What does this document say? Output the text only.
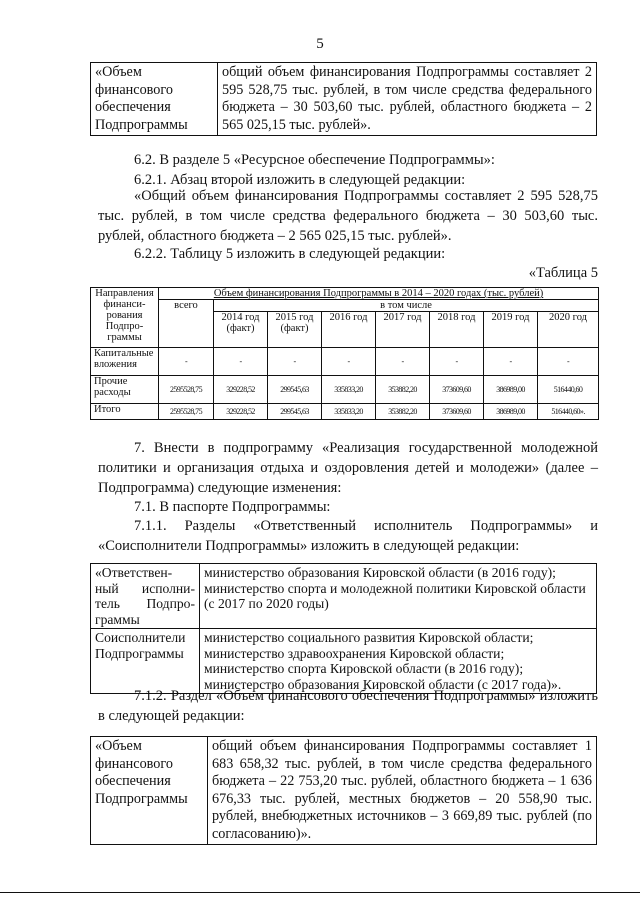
5
«Объем финансового обеспечения Подпрограммы	общий объем финансирования Подпрограммы составляет 2 595 528,75 тыс. рублей, в том числе средства федерального бюджета – 30 503,60 тыс. рублей, областного бюджета – 2 565 025,15 тыс. рублей».

6.2. В разделе 5 «Ресурсное обеспечение Подпрограммы»:

6.2.1. Абзац второй изложить в следующей редакции:

«Общий объем финансирования Подпрограммы составляет 2 595 528,75 тыс. рублей, в том числе средства федерального бюджета – 30 503,60 тыс. рублей, областного бюджета – 2 565 025,15 тыс. рублей».

6.2.2. Таблицу 5 изложить в следующей редакции:

«Таблица 5

Направления финанси-рования Подпро-граммы	Объем финансирования Подпрограммы в 2014 – 2020 годах (тыс. рублей)							
	всего	в том числе						
		2014 год (факт)	2015 год (факт)	2016 год	2017 год	2018 год	2019 год	2020 год
Капитальные вложения	-	-	-	-	-	-	-	-
Прочие расходы	2595528,75	329228,52	299545,63	335833,20	353882,20	373609,60	386989,00	516440,60
Итого	2595528,75	329228,52	299545,63	335833,20	353882,20	373609,60	386989,00	516440,60».

7. Внести в подпрограмму «Реализация государственной молодежной политики и организация отдыха и оздоровления детей и молодежи» (далее – Подпрограмма) следующие изменения:

7.1. В паспорте Подпрограммы:

7.1.1. Разделы «Ответственный исполнитель Подпрограммы» и «Соисполнители Подпрограммы» изложить в следующей редакции:

«Ответствен-ный исполни-тель Подпро-граммы	министерство образования Кировской области (в 2016 году);
министерство спорта и молодежной политики Кировской области (с 2017 по 2020 годы)

Соисполнители Подпрограммы	министерство социального развития Кировской области;
министерство здравоохранения Кировской области;
министерство спорта Кировской области (в 2016 году);
министерство образования Кировской области (с 2017 года)».

7.1.2. Раздел «Объем финансового обеспечения Подпрограммы» изложить в следующей редакции:

«Объем финансового обеспечения Подпрограммы	общий объем финансирования Подпрограммы составляет 1 683 658,32 тыс. рублей, в том числе средства федерального бюджета – 22 753,20 тыс. рублей, областного бюджета – 1 636 676,33 тыс. рублей, местных бюджетов – 20 558,90 тыс. рублей, внебюджетных источников – 3 669,89 тыс. рублей (по согласованию)».
